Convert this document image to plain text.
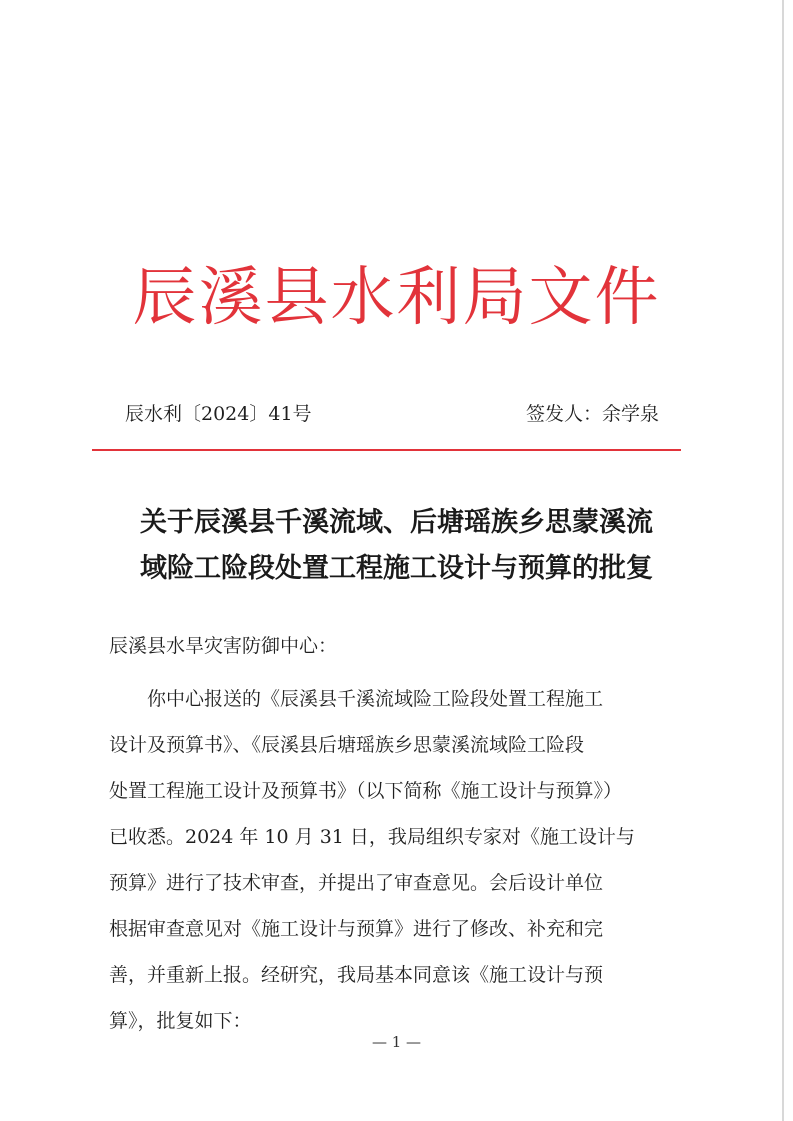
辰溪县水利局文件
辰水利〔2024〕41号	签发人：余学泉
关于辰溪县千溪流域、后塘瑶族乡思蒙溪流
域险工险段处置工程施工设计与预算的批复
辰溪县水旱灾害防御中心：
你中心报送的《辰溪县千溪流域险工险段处置工程施工
设计及预算书》、《辰溪县后塘瑶族乡思蒙溪流域险工险段
处置工程施工设计及预算书》（以下简称《施工设计与预算》）
已收悉。2024 年 10 月 31 日，我局组织专家对《施工设计与
预算》进行了技术审查，并提出了审查意见。会后设计单位
根据审查意见对《施工设计与预算》进行了修改、补充和完
善，并重新上报。经研究，我局基本同意该《施工设计与预
算》，批复如下：
— 1 —
